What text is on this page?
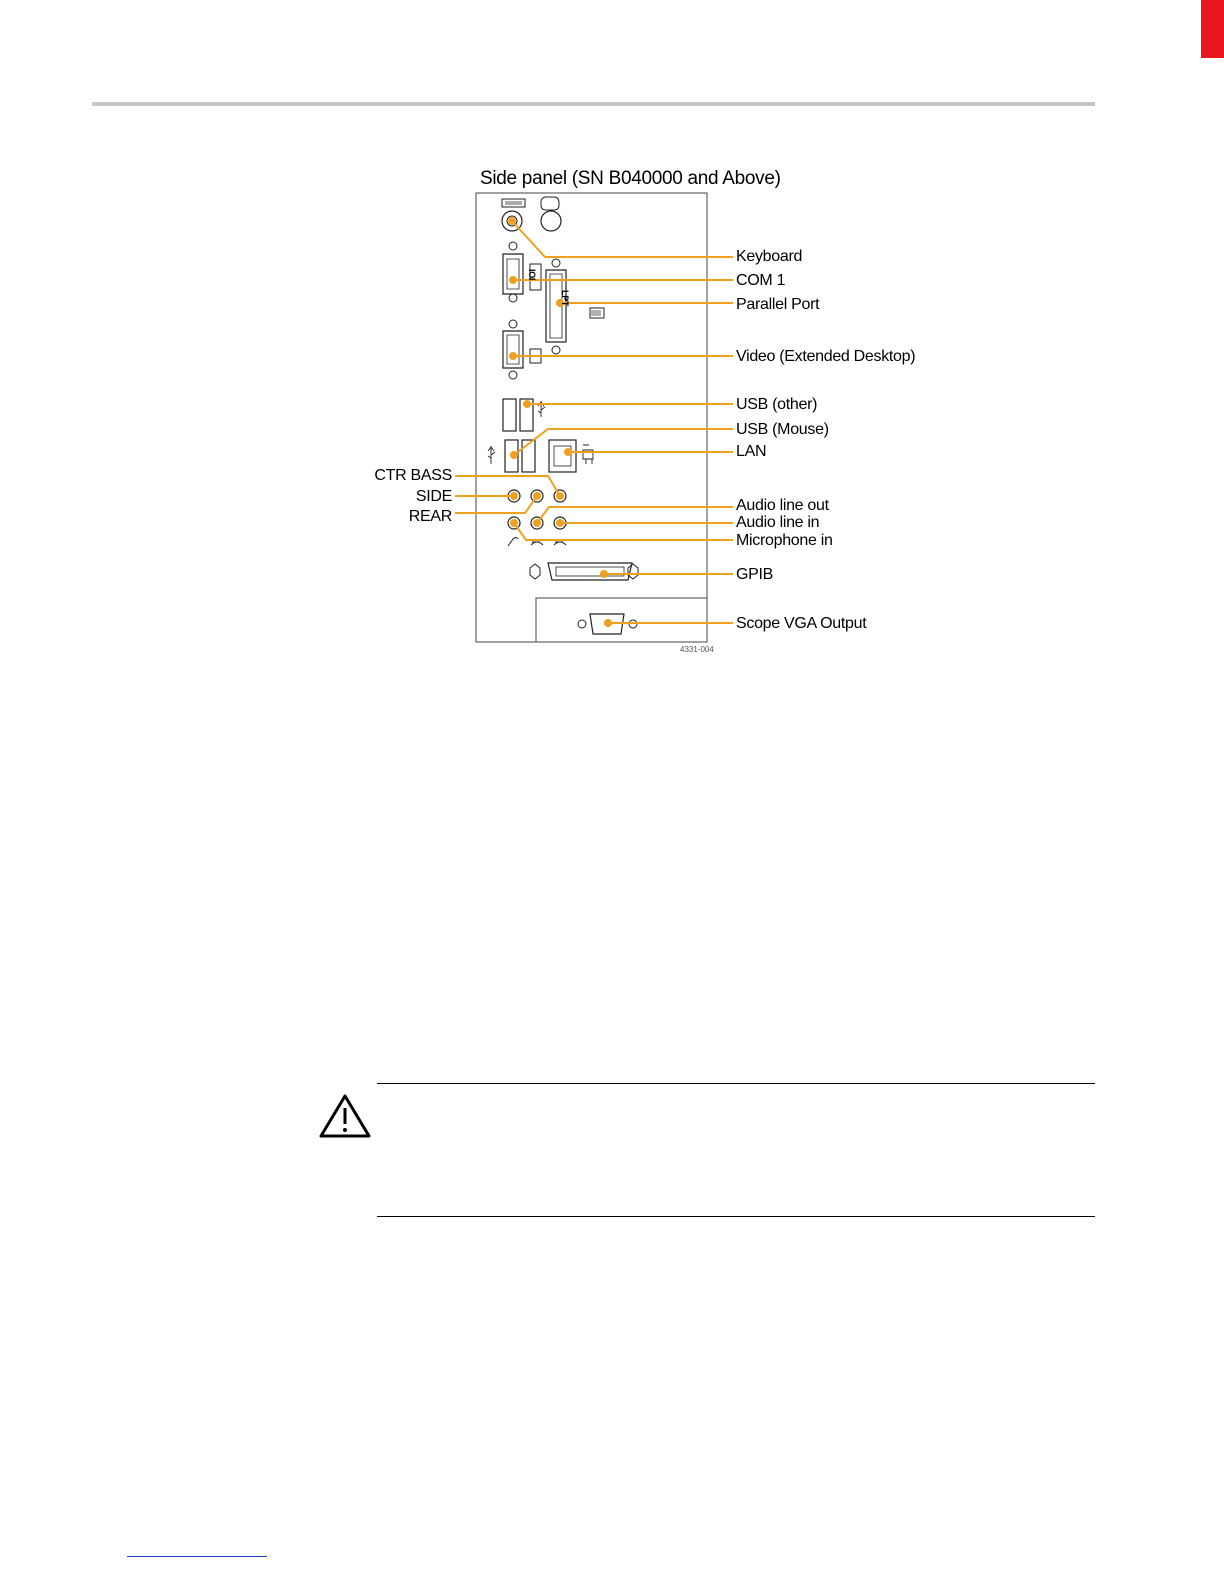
Side panel (SN B040000 and Above)
LPT
IOI
Keyboard
COM 1
Parallel Port
Video (Extended Desktop)
USB (other)
USB (Mouse)
LAN
Audio line out
Audio line in
Microphone in
GPIB
Scope VGA Output
CTR BASS
SIDE
REAR
4331-004
